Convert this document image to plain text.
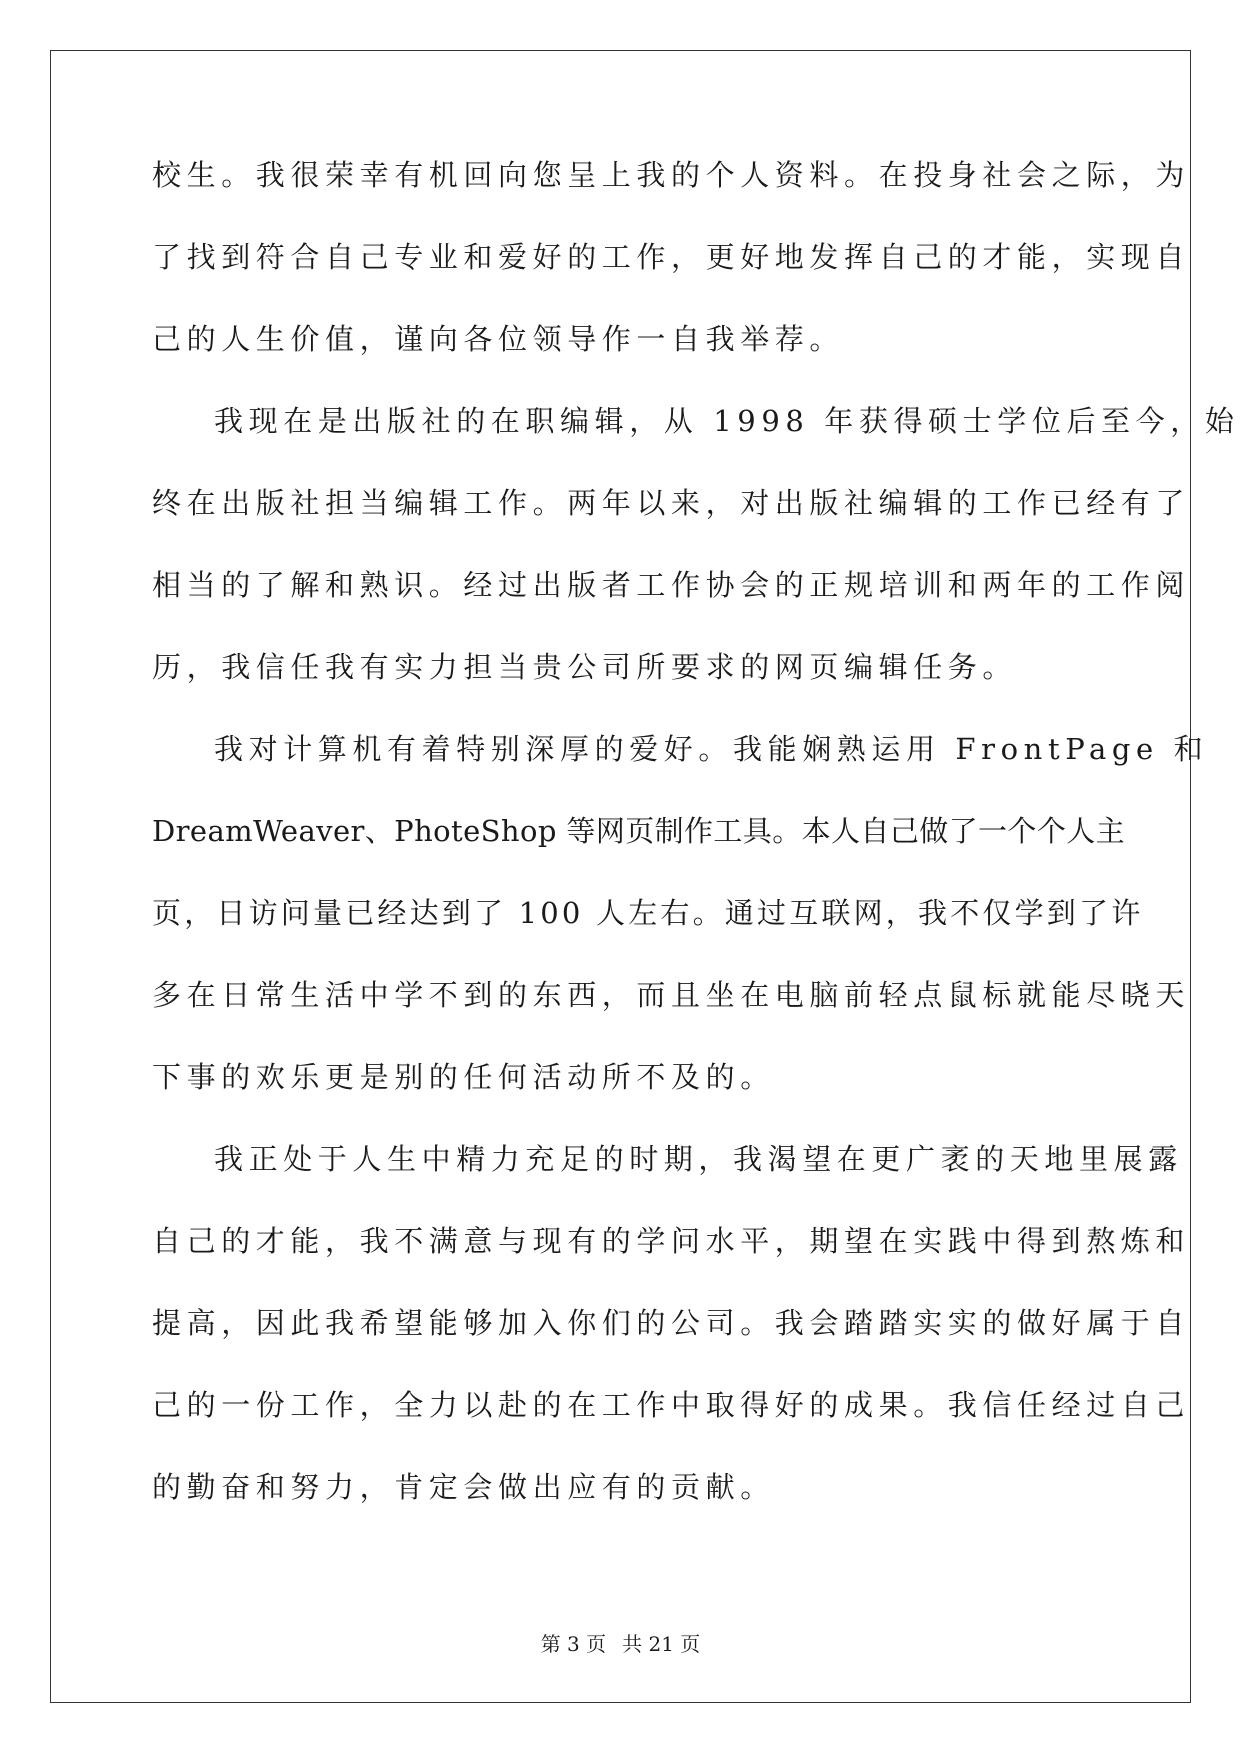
校生。我很荣幸有机回向您呈上我的个人资料。在投身社会之际，为
了找到符合自己专业和爱好的工作，更好地发挥自己的才能，实现自
己的人生价值，谨向各位领导作一自我举荐。
我现在是出版社的在职编辑，从 1998 年获得硕士学位后至今，始
终在出版社担当编辑工作。两年以来，对出版社编辑的工作已经有了
相当的了解和熟识。经过出版者工作协会的正规培训和两年的工作阅
历，我信任我有实力担当贵公司所要求的网页编辑任务。
我对计算机有着特别深厚的爱好。我能娴熟运用 FrontPage 和
DreamWeaver、PhoteShop 等网页制作工具。本人自己做了一个个人主
页，日访问量已经达到了 100 人左右。通过互联网，我不仅学到了许
多在日常生活中学不到的东西，而且坐在电脑前轻点鼠标就能尽晓天
下事的欢乐更是别的任何活动所不及的。
我正处于人生中精力充足的时期，我渴望在更广袤的天地里展露
自己的才能，我不满意与现有的学问水平，期望在实践中得到熬炼和
提高，因此我希望能够加入你们的公司。我会踏踏实实的做好属于自
己的一份工作，全力以赴的在工作中取得好的成果。我信任经过自己
的勤奋和努力，肯定会做出应有的贡献。
第 3 页 共 21 页
